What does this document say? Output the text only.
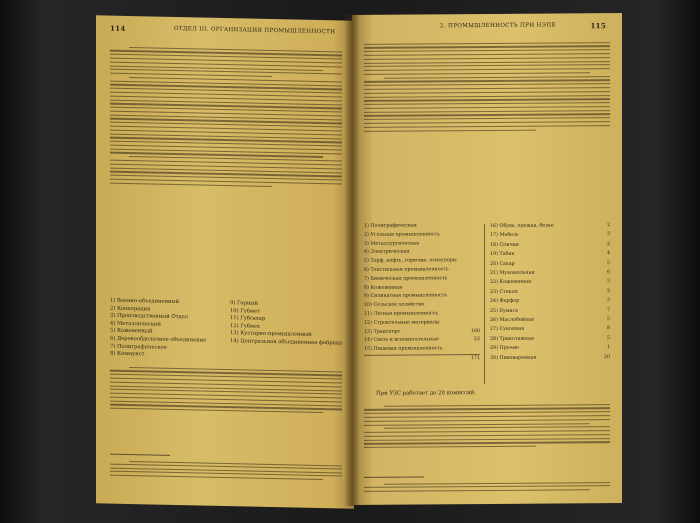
114	ОТДЕЛ III. ОРГАНИЗАЦИЯ ПРОМЫШЛЕННОСТИ
1) Военно-объединенный
2) Кооперация
3) Производственный Отдел
4) Металлический
5) Кожевенный
6) Деревообделочное объединение
7) Полиграфическое
8) Коммунст
9) Горный
10) Губмет
11) Губсахар
12) Губмех
13) Кустарно-промышленный
14) Центральная объединенная фабрика
2. ПРОМЫШЛЕННОСТЬ ПРИ НЭПЕ	115
1) Полиграфическая
2) Угольная промышленность
3) Металлургическая
4) Электрическая
5) Торф, нефть, горючие, огнеупоры
6) Текстильная промышленность
7) Химическая промышленность
8) Кожевенная
9) Силикатная промышленность
10) Сельское хозяйство
11) Лесная промышленность
12) Строительные материалы
13) Транспорт	100
14) Связь и вспомогательные	22
15) Пищевая промышленность
171
16) Обувь, одежда, белье	2
17) Мебель	3
18) Спички	2
19) Табак	4
20) Сахар	5
21) Мукомольная	6
22) Кожевенная	3
23) Стекло	2
24) Фарфор	3
25) Бумага	7
26) Маслобойная	5
27) Суконная	8
28) Трикотажная	5
29) Прочие	1
30) Пивоваренная	20
При УЗС работает до 20 комиссий.
